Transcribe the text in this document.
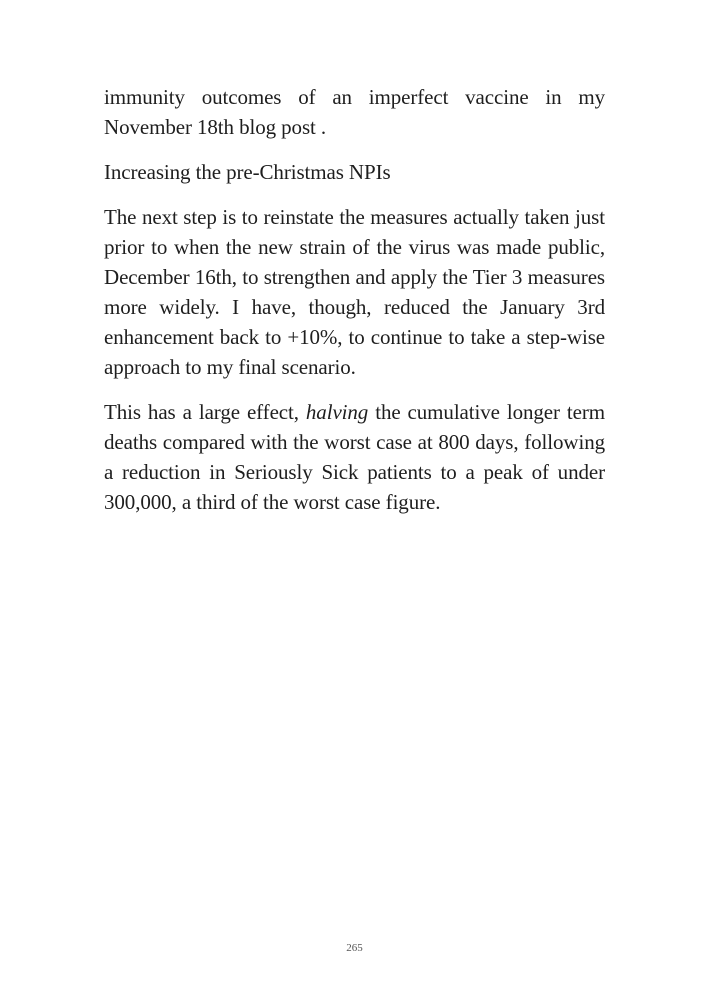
immunity outcomes of an imperfect vaccine in my November 18th blog post .

Increasing the pre-Christmas NPIs

The next step is to reinstate the measures actually taken just prior to when the new strain of the virus was made public, December 16th, to strengthen and apply the Tier 3 measures more widely. I have, though, reduced the January 3rd enhancement back to +10%, to continue to take a step-wise approach to my final scenario.

This has a large effect, halving the cumulative longer term deaths compared with the worst case at 800 days, following a reduction in Seriously Sick patients to a peak of under 300,000, a third of the worst case figure.

265
